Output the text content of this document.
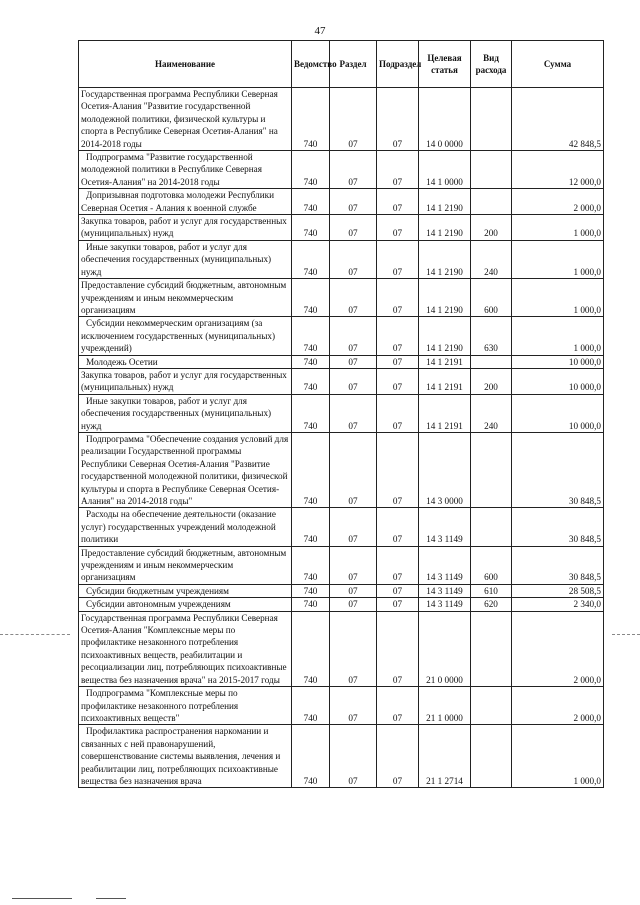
47
Наименование	Ведомство	Раздел	Подраздел	Целевая статья	Вид расхода	Сумма
Государственная программа Республики Северная Осетия-Алания "Развитие государственной молодежной политики, физической культуры и спорта в Республике Северная Осетия-Алания" на 2014-2018 годы	740	07	07	14 0 0000		42 848,5
Подпрограмма "Развитие государственной молодежной политики в Республике Северная Осетия-Алания" на 2014-2018 годы	740	07	07	14 1 0000		12 000,0
Допризывная подготовка молодежи Республики Северная Осетия - Алания к военной службе	740	07	07	14 1 2190		2 000,0
Закупка товаров, работ и услуг для государственных (муниципальных) нужд	740	07	07	14 1 2190	200	1 000,0
Иные закупки товаров, работ и услуг для обеспечения государственных (муниципальных) нужд	740	07	07	14 1 2190	240	1 000,0
Предоставление субсидий бюджетным, автономным учреждениям и иным некоммерческим организациям	740	07	07	14 1 2190	600	1 000,0
Субсидии некоммерческим организациям (за исключением государственных (муниципальных) учреждений)	740	07	07	14 1 2190	630	1 000,0
Молодежь Осетии	740	07	07	14 1 2191		10 000,0
Закупка товаров, работ и услуг для государственных (муниципальных) нужд	740	07	07	14 1 2191	200	10 000,0
Иные закупки товаров, работ и услуг для обеспечения государственных (муниципальных) нужд	740	07	07	14 1 2191	240	10 000,0
Подпрограмма "Обеспечение создания условий для реализации Государственной программы Республики Северная Осетия-Алания "Развитие государственной молодежной политики, физической культуры и спорта в Республике Северная Осетия-Алания" на 2014-2018 годы"	740	07	07	14 3 0000		30 848,5
Расходы на обеспечение деятельности (оказание услуг) государственных учреждений молодежной политики	740	07	07	14 3 1149		30 848,5
Предоставление субсидий бюджетным, автономным учреждениям и иным некоммерческим организациям	740	07	07	14 3 1149	600	30 848,5
Субсидии бюджетным учреждениям	740	07	07	14 3 1149	610	28 508,5
Субсидии автономным учреждениям	740	07	07	14 3 1149	620	2 340,0
Государственная программа Республики Северная Осетия-Алания "Комплексные меры по профилактике незаконного потребления психоактивных веществ, реабилитации и ресоциализации лиц, потребляющих психоактивные вещества без назначения врача" на 2015-2017 годы	740	07	07	21 0 0000		2 000,0
Подпрограмма "Комплексные меры по профилактике незаконного потребления психоактивных веществ"	740	07	07	21 1 0000		2 000,0
Профилактика распространения наркомании и связанных с ней правонарушений, совершенствование системы выявления, лечения и реабилитации лиц, потребляющих психоактивные вещества без назначения врача	740	07	07	21 1 2714		1 000,0
